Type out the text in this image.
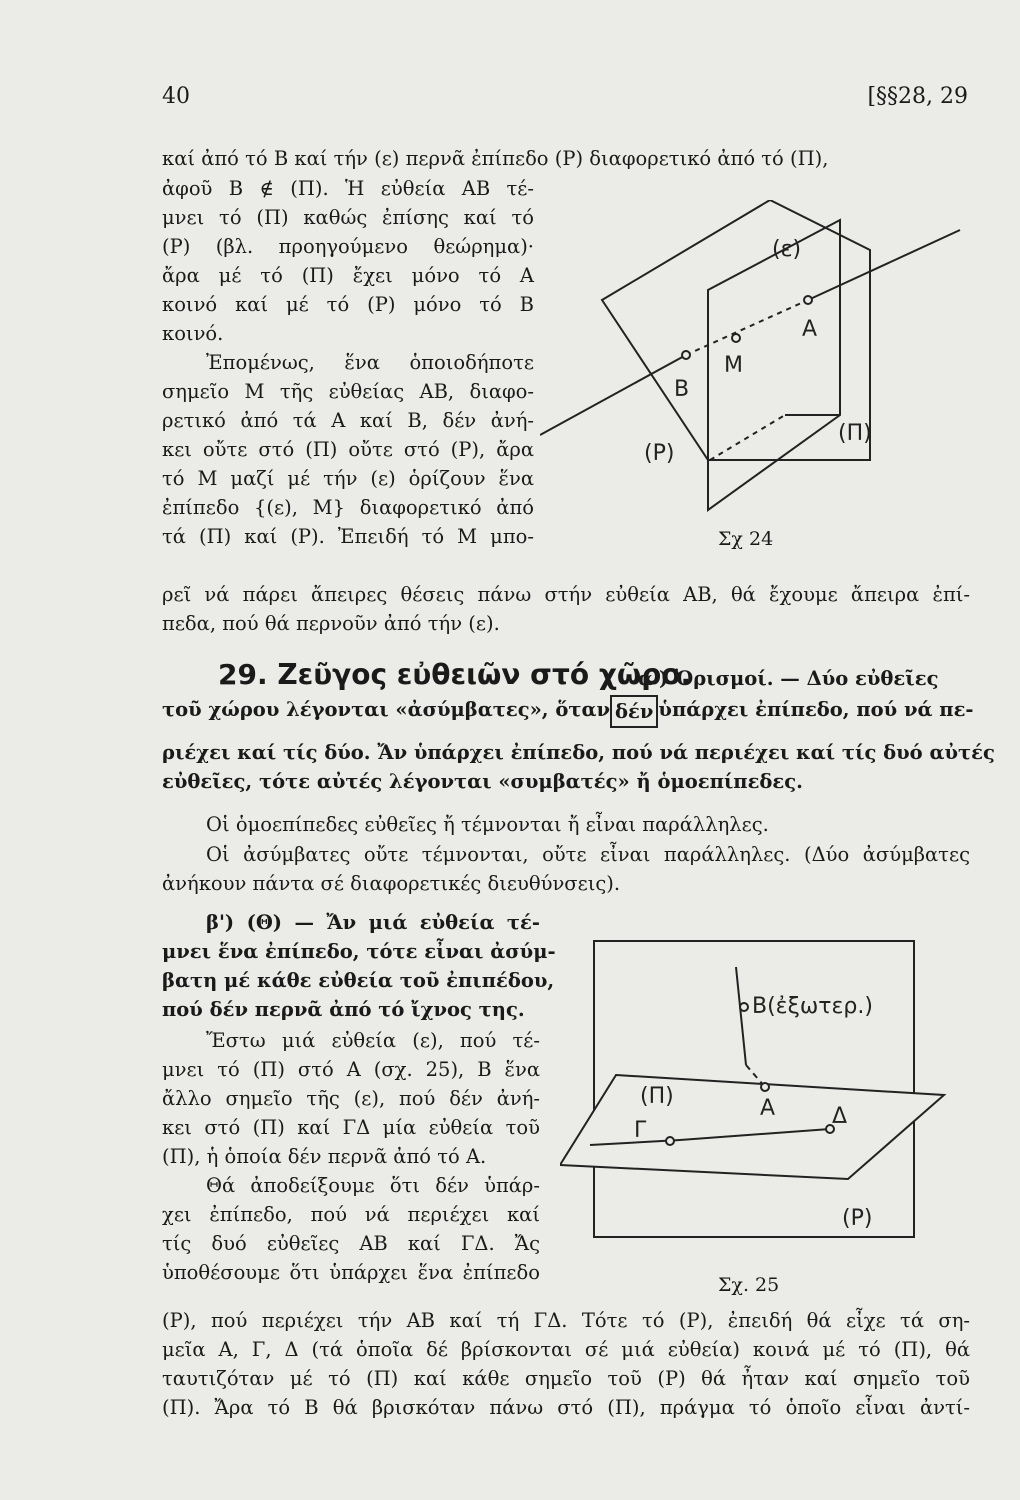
40	[§§28, 29
καί ἀπό τό Β καί τήν (ε) περνᾶ ἐπίπεδο (Ρ) διαφορετικό ἀπό τό (Π),
ἀφοῦ Β ∉ (Π). Ἡ εὐθεία ΑΒ τέ-
μνει τό (Π) καθώς ἐπίσης καί τό
(Ρ) (βλ. προηγούμενο θεώρημα)·
ἄρα μέ τό (Π) ἔχει μόνο τό Α
κοινό καί μέ τό (Ρ) μόνο τό Β
κοινό.
Ἐπομένως, ἕνα ὁποιοδήποτε
σημεῖο Μ τῆς εὐθείας ΑΒ, διαφο-
ρετικό ἀπό τά Α καί Β, δέν ἀνή-
κει οὔτε στό (Π) οὔτε στό (Ρ), ἄρα
τό Μ μαζί μέ τήν (ε) ὁρίζουν ἕνα
ἐπίπεδο {(ε), Μ} διαφορετικό ἀπό
τά (Π) καί (Ρ). Ἐπειδή τό Μ μπο-
ρεῖ νά πάρει ἄπειρες θέσεις πάνω στήν εὐθεία ΑΒ, θά ἔχουμε ἄπειρα ἐπί-
πεδα, πού θά περνοῦν ἀπό τήν (ε).
(ε)
Α
Μ
Β
(Ρ)
(Π)
Σχ 24
29. Ζεῦγος εὐθειῶν στό χῶρο.
α') Ὁρισμοί. — Δύο εὐθεῖες
τοῦ χώρου λέγονται «ἀσύμβατες», ὅταν δέν ὑπάρχει ἐπίπεδο, πού νά πε-
ριέχει καί τίς δύο. Ἄν ὑπάρχει ἐπίπεδο, πού νά περιέχει καί τίς δυό αὐτές
εὐθεῖες, τότε αὐτές λέγονται «συμβατές» ἤ ὁμοεπίπεδες.
Οἱ ὁμοεπίπεδες εὐθεῖες ἤ τέμνονται ἤ εἶναι παράλληλες.
Οἱ ἀσύμβατες οὔτε τέμνονται, οὔτε εἶναι παράλληλες. (Δύο ἀσύμβατες
ἀνήκουν πάντα σέ διαφορετικές διευθύνσεις).
β') (Θ) — Ἄν μιά εὐθεία τέ-
μνει ἕνα ἐπίπεδο, τότε εἶναι ἀσύμ-
βατη μέ κάθε εὐθεία τοῦ ἐπιπέδου,
πού δέν περνᾶ ἀπό τό ἴχνος της.
Ἔστω μιά εὐθεία (ε), πού τέ-
μνει τό (Π) στό Α (σχ. 25), Β ἕνα
ἄλλο σημεῖο τῆς (ε), πού δέν ἀνή-
κει στό (Π) καί ΓΔ μία εὐθεία τοῦ
(Π), ἡ ὁποία δέν περνᾶ ἀπό τό Α.
Θά ἀποδείξουμε ὅτι δέν ὑπάρ-
χει ἐπίπεδο, πού νά περιέχει καί
τίς δυό εὐθεῖες ΑΒ καί ΓΔ. Ἄς
ὑποθέσουμε ὅτι ὑπάρχει ἕνα ἐπίπεδο
(Ρ), πού περιέχει τήν ΑΒ καί τή ΓΔ. Τότε τό (Ρ), ἐπειδή θά εἶχε τά ση-
μεῖα Α, Γ, Δ (τά ὁποῖα δέ βρίσκονται σέ μιά εὐθεία) κοινά μέ τό (Π), θά
ταυτιζόταν μέ τό (Π) καί κάθε σημεῖο τοῦ (Ρ) θά ἦταν καί σημεῖο τοῦ
(Π). Ἄρα τό Β θά βρισκόταν πάνω στό (Π), πράγμα τό ὁποῖο εἶναι ἀντί-
Β(ἐξωτερ.)
(Π)	Α
Γ
Δ
(Ρ)
Σχ. 25
